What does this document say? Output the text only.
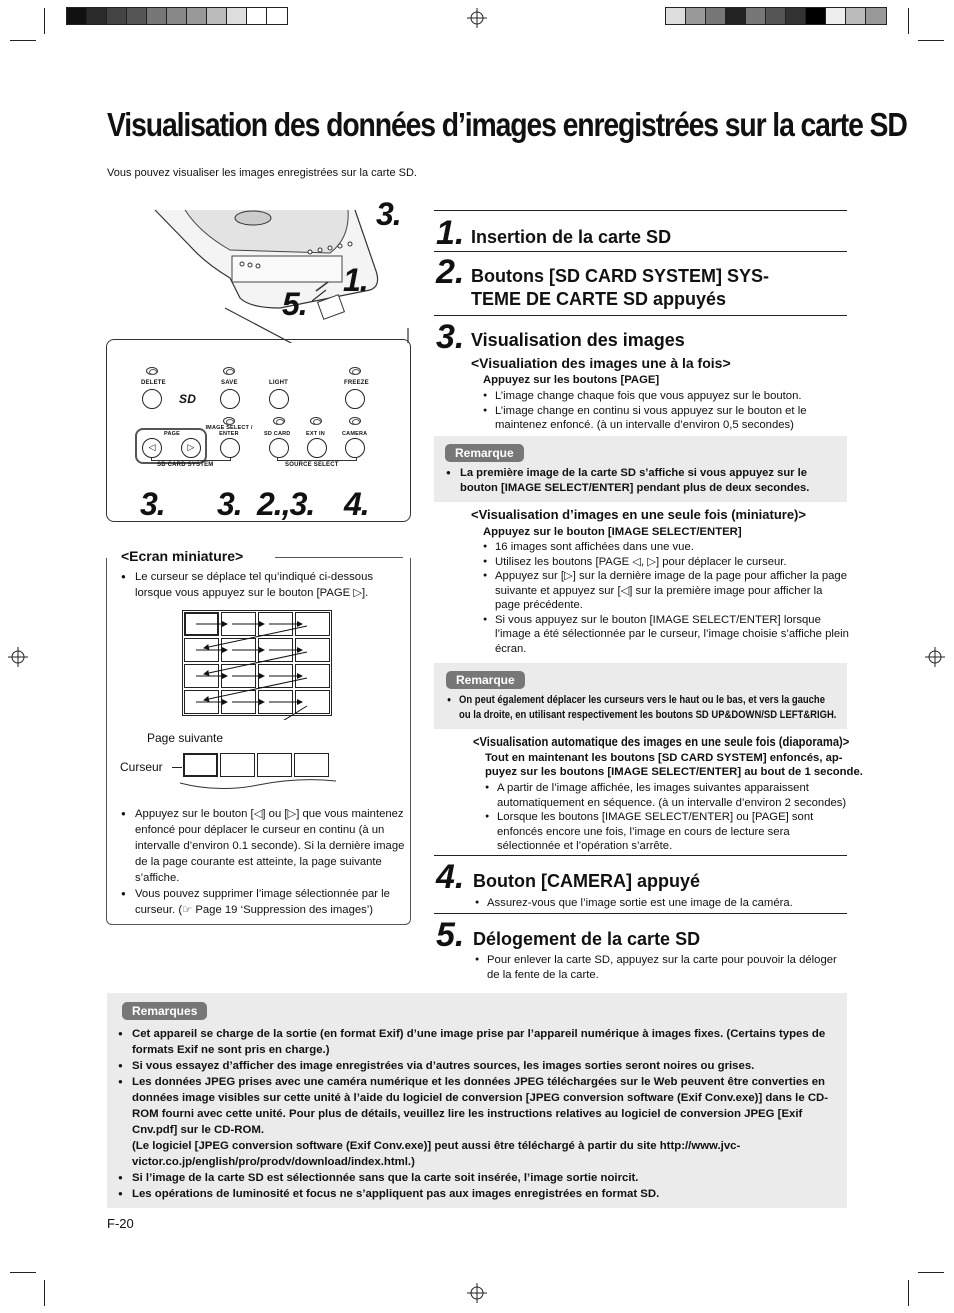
Visualisation des données d’images enregistrées sur la carte SD
Vous pouvez visualiser les images enregistrées sur la carte SD.
3.
1.
5.
DELETE	SAVE	LIGHT	FREEZE
SD
PAGE
IMAGE SELECT / ENTER	SD CARD	EXT IN	CAMERA
◁	▷
SD CARD SYSTEM	SOURCE SELECT
3. 3. 2.,3. 4.
<Ecran miniature>
● Le curseur se déplace tel qu’indiqué ci-dessous lorsque vous appuyez sur le bouton [PAGE ▷].
Page suivante
Curseur
● Appuyez sur le bouton [◁] ou [▷] que vous maintenez enfoncé pour déplacer le curseur en continu (à un intervalle d’environ 0.1 seconde). Si la dernière image de la page courante est atteinte, la page suivante s’affiche.
● Vous pouvez supprimer l’image sélectionnée par le curseur. (☞ Page 19 ‘Suppression des images’)
1. Insertion de la carte SD
2. Boutons [SD CARD SYSTEM] SYS-
TEME DE CARTE SD appuyés
3. Visualisation des images
<Visualiation des images une à la fois>
Appuyez sur les boutons [PAGE]
● L’image change chaque fois que vous appuyez sur le bouton.
● L’image change en continu si vous appuyez sur le bouton et le maintenez enfoncé. (à un intervalle d’environ 0,5 secondes)
Remarque
● La première image de la carte SD s’affiche si vous appuyez sur le bouton [IMAGE SELECT/ENTER] pendant plus de deux secondes.
<Visualisation d’images en une seule fois (miniature)>
Appuyez sur le bouton [IMAGE SELECT/ENTER]
● 16 images sont affichées dans une vue.
● Utilisez les boutons [PAGE ◁, ▷] pour déplacer le curseur.
● Appuyez sur [▷] sur la dernière image de la page pour afficher la page suivante et appuyez sur [◁] sur la première image pour afficher la page précédente.
● Si vous appuyez sur le bouton [IMAGE SELECT/ENTER] lorsque l’image a été sélectionnée par le curseur, l’image choisie s’affiche plein écran.
Remarque
● On peut également déplacer les curseurs vers le haut ou le bas, et vers la gauche
ou la droite, en utilisant respectivement les boutons SD UP&DOWN/SD LEFT&RIGH.
<Visualisation automatique des images en une seule fois (diaporama)>
Tout en maintenant les boutons [SD CARD SYSTEM] enfoncés, ap-
puyez sur les boutons [IMAGE SELECT/ENTER] au bout de 1 seconde.
● A partir de l’image affichée, les images suivantes apparaissent automatiquement en séquence. (à un intervalle d’environ 2 secondes)
● Lorsque les boutons [IMAGE SELECT/ENTER] ou [PAGE] sont enfoncés encore une fois, l’image en cours de lecture sera sélectionnée et l’opération s’arrête.
4. Bouton [CAMERA] appuyé
● Assurez-vous que l’image sortie est une image de la caméra.
5. Délogement de la carte SD
● Pour enlever la carte SD, appuyez sur la carte pour pouvoir la déloger de la fente de la carte.
Remarques
● Cet appareil se charge de la sortie (en format Exif) d’une image prise par l’appareil numérique à images fixes. (Certains types de formats Exif ne sont pris en charge.)
● Si vous essayez d’afficher des image enregistrées via d’autres sources, les images sorties seront noires ou grises.
● Les données JPEG prises avec une caméra numérique et les données JPEG téléchargées sur le Web peuvent être converties en données image visibles sur cette unité à l’aide du logiciel de conversion [JPEG conversion software (Exif Conv.exe)] dans le CD-ROM fourni avec cette unité. Pour plus de détails, veuillez lire les instructions relatives au logiciel de conversion JPEG [Exif Cnv.pdf] sur le CD-ROM.
(Le logiciel [JPEG conversion software (Exif Conv.exe)] peut aussi être téléchargé à partir du site http://www.jvc-victor.co.jp/english/pro/prodv/download/index.html.)
● Si l’image de la carte SD est sélectionnée sans que la carte soit insérée, l’image sortie noircit.
● Les opérations de luminosité et focus ne s’appliquent pas aux images enregistrées en format SD.
F-20
